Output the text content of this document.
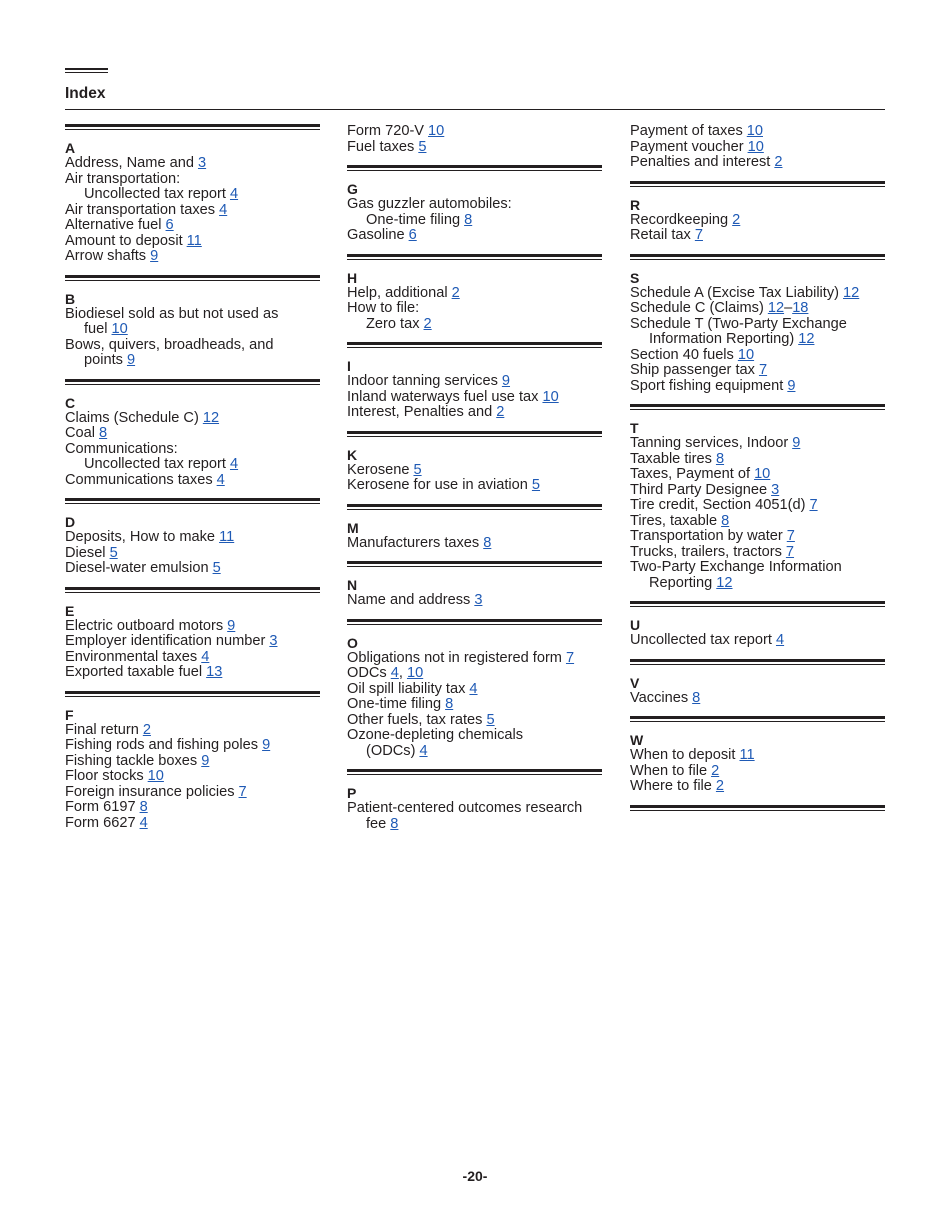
Index
A
Address, Name and 3
Air transportation:
Uncollected tax report 4
Air transportation taxes 4
Alternative fuel 6
Amount to deposit 11
Arrow shafts 9
B
Biodiesel sold as but not used as
fuel 10
Bows, quivers, broadheads, and
points 9
C
Claims (Schedule C) 12
Coal 8
Communications:
Uncollected tax report 4
Communications taxes 4
D
Deposits, How to make 11
Diesel 5
Diesel-water emulsion 5
E
Electric outboard motors 9
Employer identification number 3
Environmental taxes 4
Exported taxable fuel 13
F
Final return 2
Fishing rods and fishing poles 9
Fishing tackle boxes 9
Floor stocks 10
Foreign insurance policies 7
Form 6197 8
Form 6627 4
Form 720-V 10
Fuel taxes 5
G
Gas guzzler automobiles:
One-time filing 8
Gasoline 6
H
Help, additional 2
How to file:
Zero tax 2
I
Indoor tanning services 9
Inland waterways fuel use tax 10
Interest, Penalties and 2
K
Kerosene 5
Kerosene for use in aviation 5
M
Manufacturers taxes 8
N
Name and address 3
O
Obligations not in registered form 7
ODCs 4, 10
Oil spill liability tax 4
One-time filing 8
Other fuels, tax rates 5
Ozone-depleting chemicals
(ODCs) 4
P
Patient-centered outcomes research
fee 8
Payment of taxes 10
Payment voucher 10
Penalties and interest 2
R
Recordkeeping 2
Retail tax 7
S
Schedule A (Excise Tax Liability) 12
Schedule C (Claims) 12–18
Schedule T (Two-Party Exchange
Information Reporting) 12
Section 40 fuels 10
Ship passenger tax 7
Sport fishing equipment 9
T
Tanning services, Indoor 9
Taxable tires 8
Taxes, Payment of 10
Third Party Designee 3
Tire credit, Section 4051(d) 7
Tires, taxable 8
Transportation by water 7
Trucks, trailers, tractors 7
Two-Party Exchange Information
Reporting 12
U
Uncollected tax report 4
V
Vaccines 8
W
When to deposit 11
When to file 2
Where to file 2
-20-
